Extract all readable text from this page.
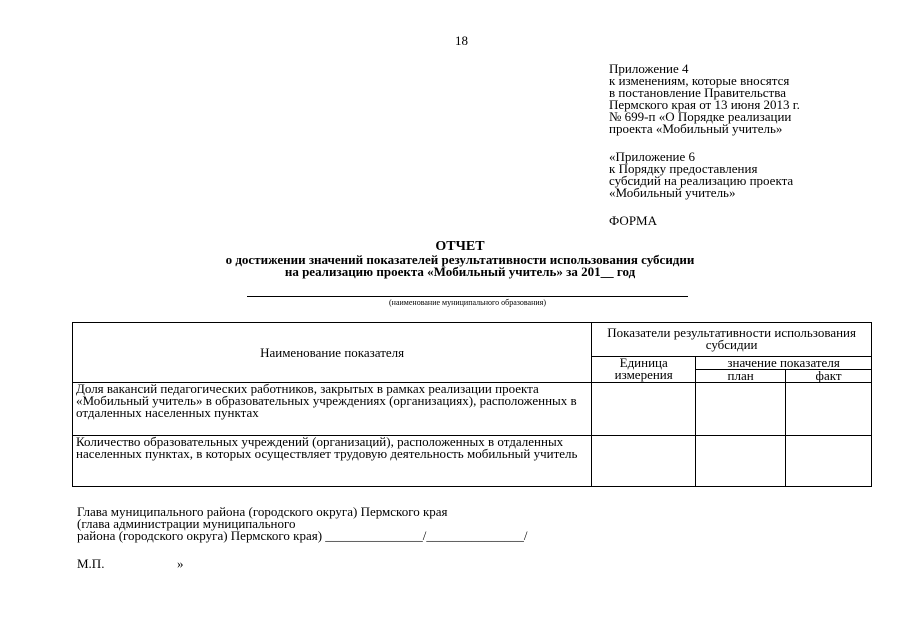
18
Приложение 4
к изменениям, которые вносятся
в постановление Правительства
Пермского края от 13 июня 2013 г.
№ 699-п «О Порядке реализации
проекта «Мобильный учитель»
«Приложение 6
к Порядку предоставления
субсидий на реализацию проекта
«Мобильный учитель»
ФОРМА
ОТЧЕТ
о достижении значений показателей результативности использования субсидии
на реализацию проекта «Мобильный учитель» за 201__ год
(наименование муниципального образования)
Наименование показателя	Показатели результативности использования субсидии		
	Единица измерения	значение показателя	
		план	факт
Доля вакансий педагогических работников, закрытых в рамках реализации проекта «Мобильный учитель» в образовательных учреждениях (организациях), расположенных в отдаленных населенных пунктах			
Количество образовательных учреждений (организаций), расположенных в отдаленных населенных пунктах, в которых осуществляет трудовую деятельность мобильный учитель			
Глава муниципального района (городского округа) Пермского края
(глава администрации муниципального
района (городского округа) Пермского края) _______________/_______________/
М.П.	»
